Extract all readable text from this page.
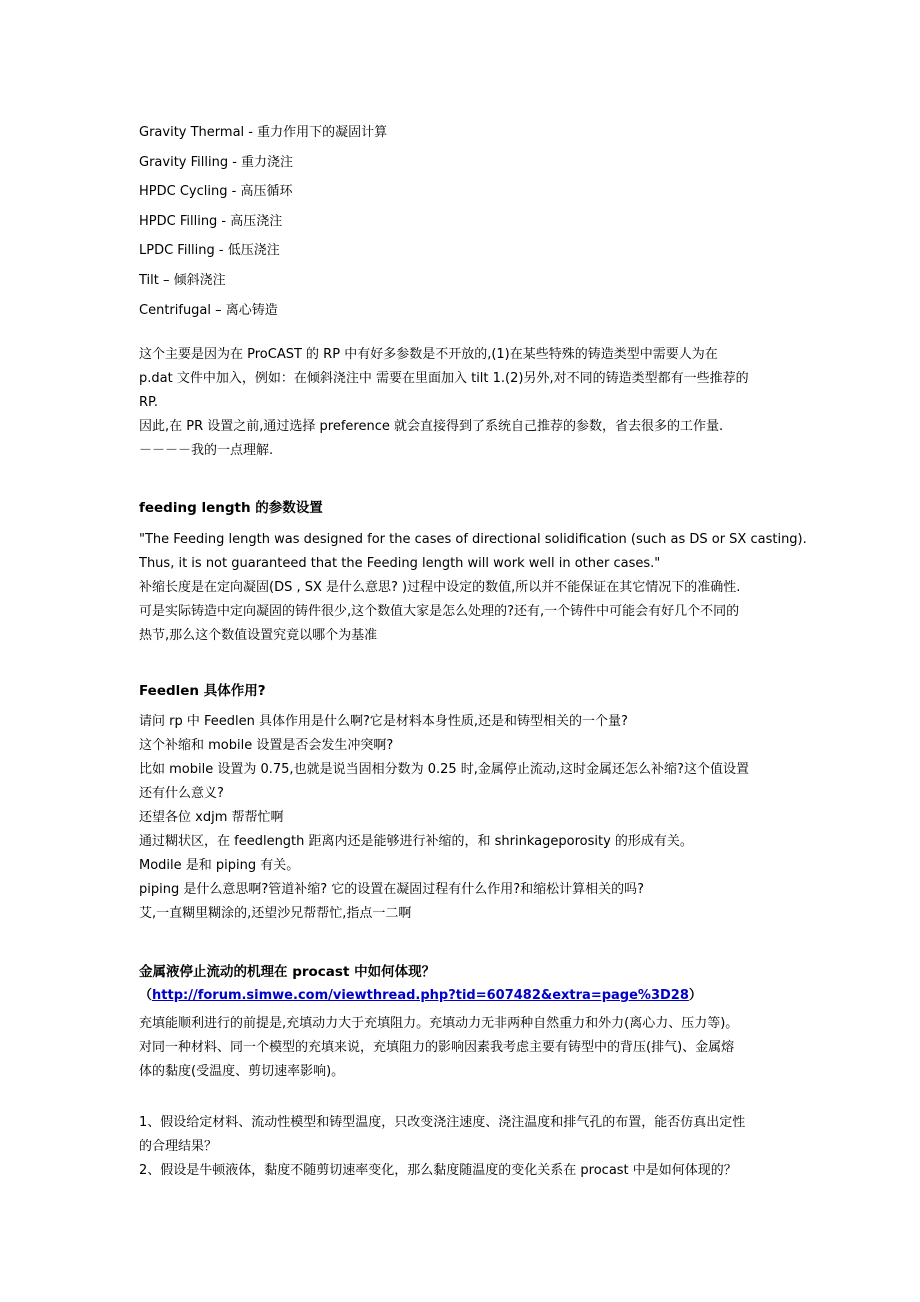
Gravity Thermal - 重力作用下的凝固计算
Gravity Filling - 重力浇注
HPDC Cycling - 高压循环
HPDC Filling - 高压浇注
LPDC Filling - 低压浇注
Tilt – 倾斜浇注
Centrifugal – 离心铸造
这个主要是因为在 ProCAST 的 RP 中有好多参数是不开放的,(1)在某些特殊的铸造类型中需要人为在
p.dat 文件中加入，例如：在倾斜浇注中 需要在里面加入 tilt 1.(2)另外,对不同的铸造类型都有一些推荐的
RP.
因此,在 PR 设置之前,通过选择 preference 就会直接得到了系统自己推荐的参数，省去很多的工作量.
－－－－我的一点理解.
feeding length 的参数设置
"The Feeding length was designed for the cases of directional solidification (such as DS or SX casting).
Thus, it is not guaranteed that the Feeding length will work well in other cases."
补缩长度是在定向凝固(DS , SX 是什么意思? )过程中设定的数值,所以并不能保证在其它情况下的准确性.
可是实际铸造中定向凝固的铸件很少,这个数值大家是怎么处理的?还有,一个铸件中可能会有好几个不同的
热节,那么这个数值设置究竟以哪个为基准
Feedlen 具体作用?
请问 rp 中 Feedlen 具体作用是什么啊?它是材料本身性质,还是和铸型相关的一个量?
这个补缩和 mobile 设置是否会发生冲突啊?
比如 mobile 设置为 0.75,也就是说当固相分数为 0.25 时,金属停止流动,这时金属还怎么补缩?这个值设置
还有什么意义?
还望各位 xdjm 帮帮忙啊
通过糊状区，在 feedlength 距离内还是能够进行补缩的，和 shrinkageporosity 的形成有关。
Modile 是和 piping 有关。
piping 是什么意思啊?管道补缩? 它的设置在凝固过程有什么作用?和缩松计算相关的吗?
艾,一直糊里糊涂的,还望沙兄帮帮忙,指点一二啊
金属液停止流动的机理在 procast 中如何体现？
（http://forum.simwe.com/viewthread.php?tid=607482&extra=page%3D28）
充填能顺利进行的前提是,充填动力大于充填阻力。充填动力无非两种自然重力和外力(离心力、压力等)。
对同一种材料、同一个模型的充填来说，充填阻力的影响因素我考虑主要有铸型中的背压(排气)、金属熔
体的黏度(受温度、剪切速率影响)。
1、假设给定材料、流动性模型和铸型温度，只改变浇注速度、浇注温度和排气孔的布置，能否仿真出定性
的合理结果？
2、假设是牛顿液体，黏度不随剪切速率变化，那么黏度随温度的变化关系在 procast 中是如何体现的？
